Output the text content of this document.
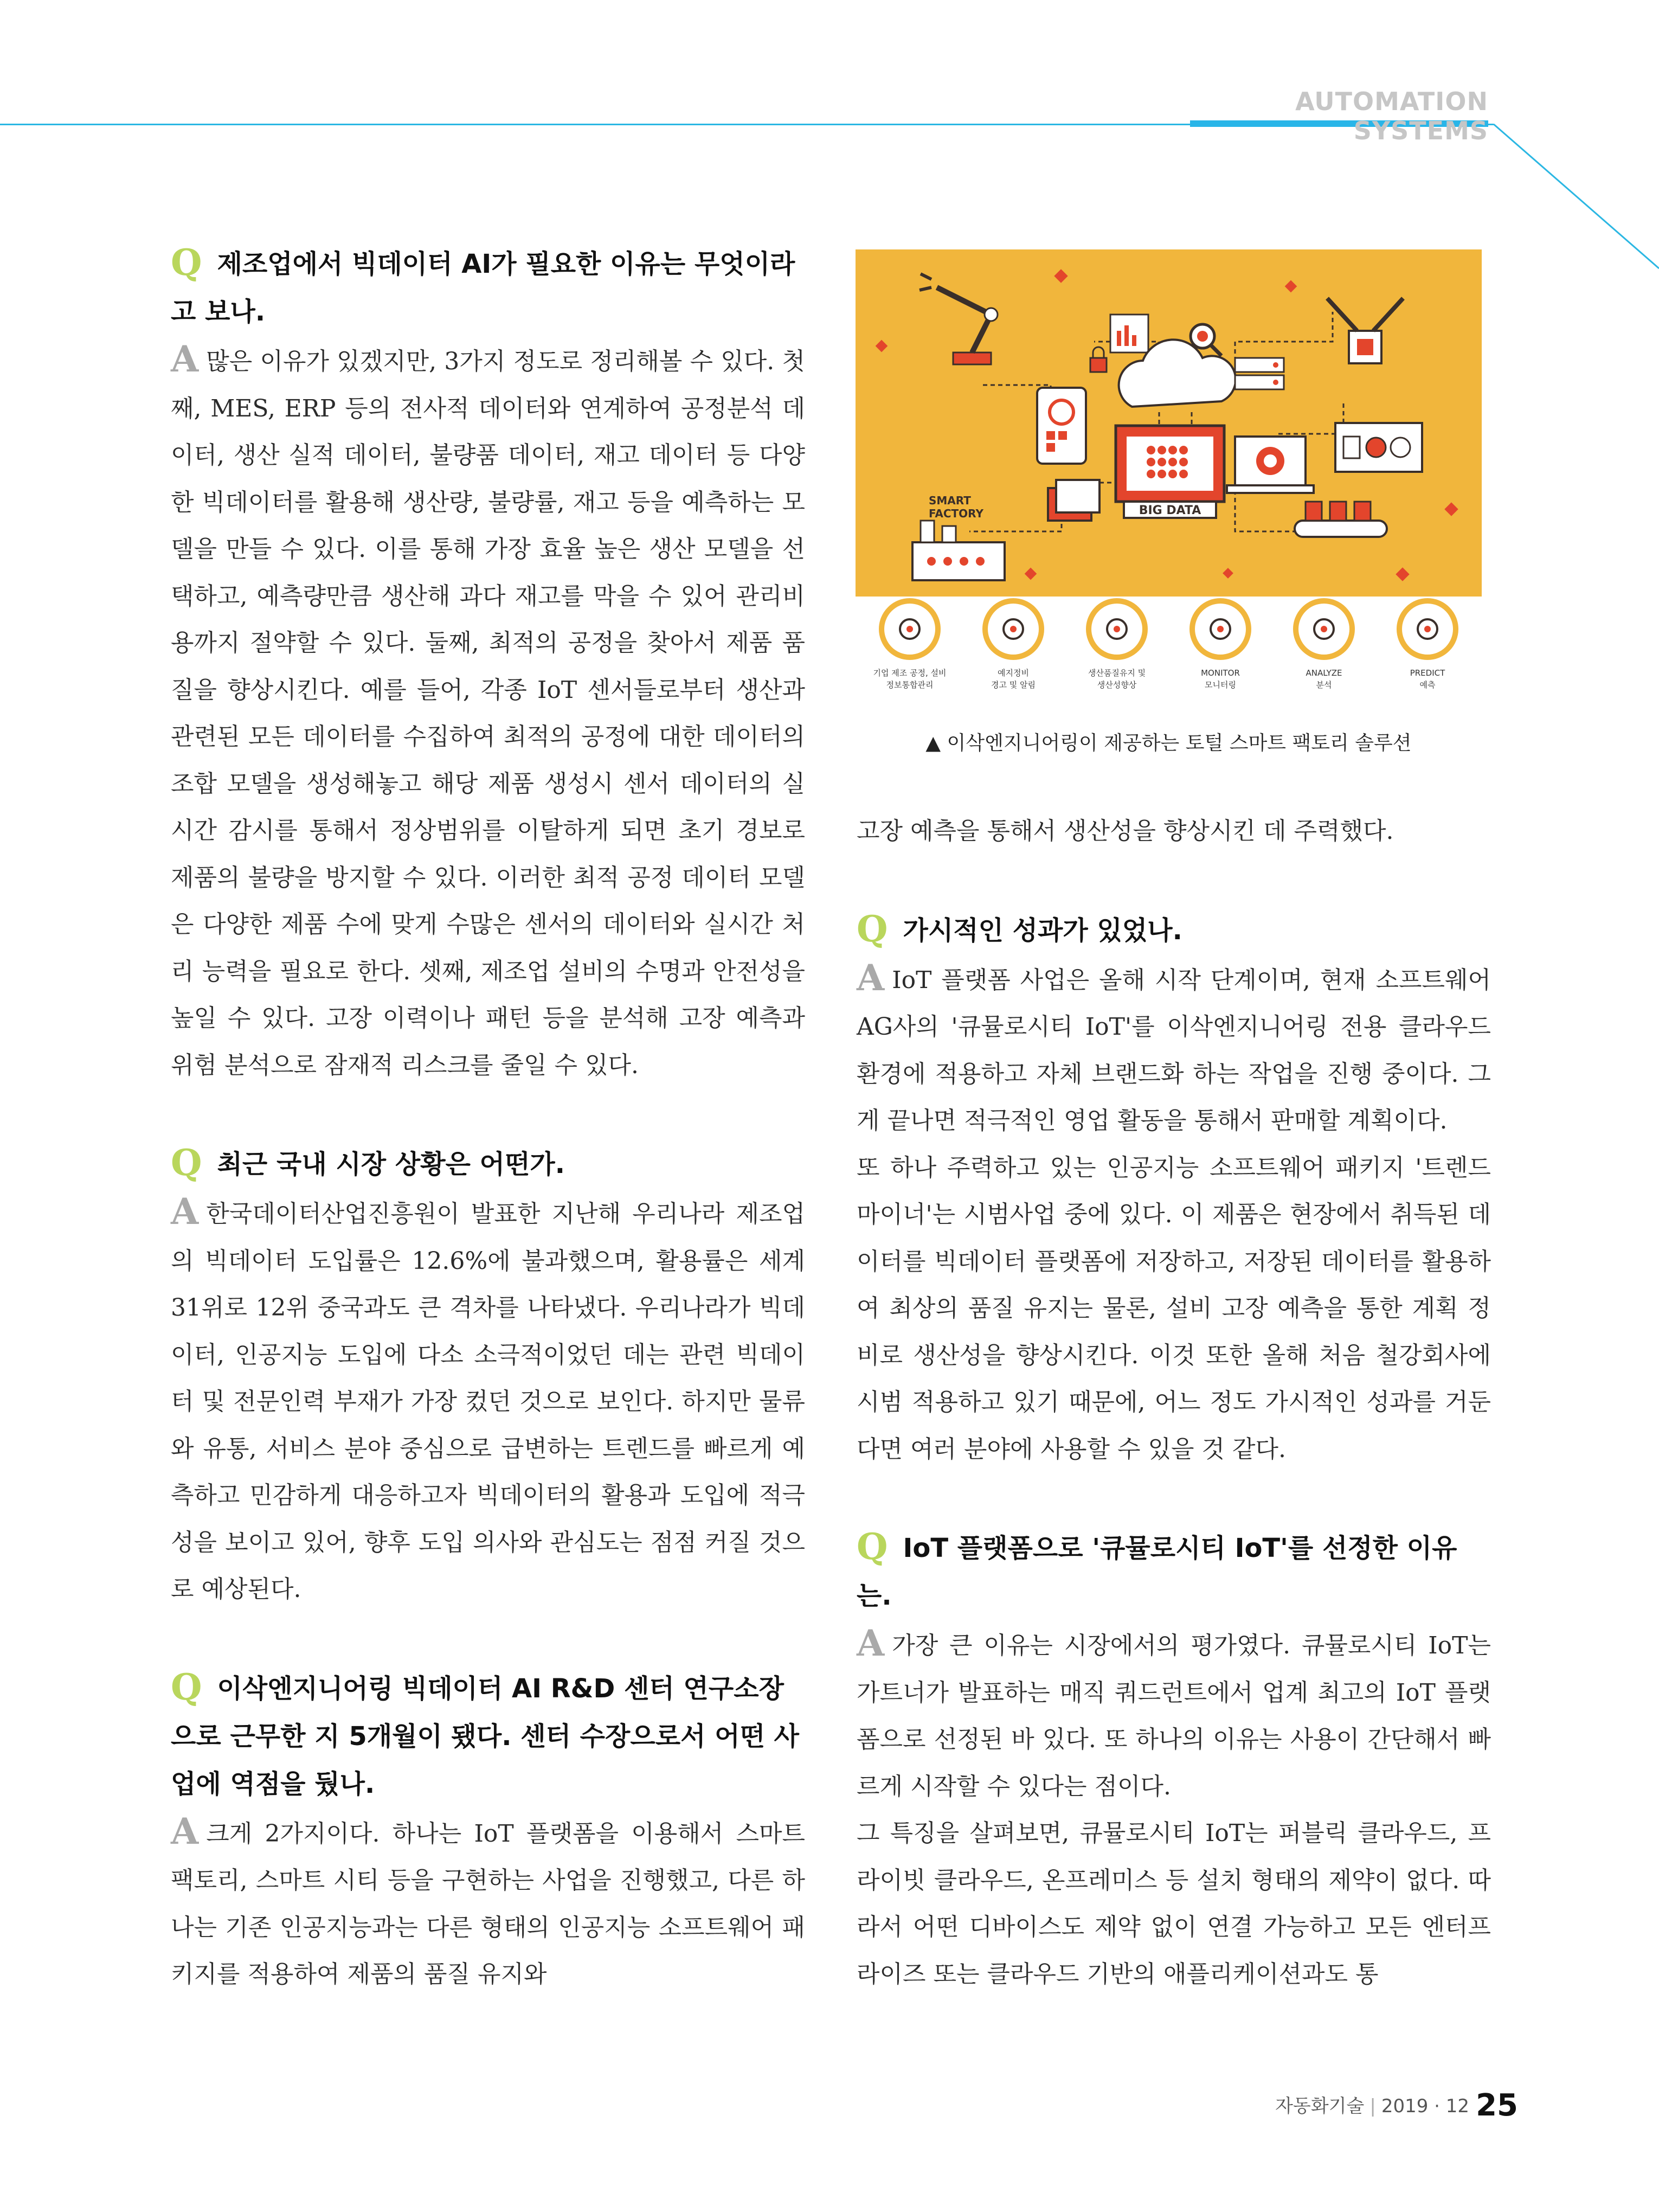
AUTOMATION SYSTEMS

Q 제조업에서 빅데이터 AI가 필요한 이유는 무엇이라고 보나.

A많은 이유가 있겠지만, 3가지 정도로 정리해볼 수 있다. 첫째, MES, ERP 등의 전사적 데이터와 연계하여 공정분석 데이터, 생산 실적 데이터, 불량품 데이터, 재고 데이터 등 다양한 빅데이터를 활용해 생산량, 불량률, 재고 등을 예측하는 모델을 만들 수 있다. 이를 통해 가장 효율 높은 생산 모델을 선택하고, 예측량만큼 생산해 과다 재고를 막을 수 있어 관리비용까지 절약할 수 있다. 둘째, 최적의 공정을 찾아서 제품 품질을 향상시킨다. 예를 들어, 각종 IoT 센서들로부터 생산과 관련된 모든 데이터를 수집하여 최적의 공정에 대한 데이터의 조합 모델을 생성해놓고 해당 제품 생성시 센서 데이터의 실시간 감시를 통해서 정상범위를 이탈하게 되면 초기 경보로 제품의 불량을 방지할 수 있다. 이러한 최적 공정 데이터 모델은 다양한 제품 수에 맞게 수많은 센서의 데이터와 실시간 처리 능력을 필요로 한다. 셋째, 제조업 설비의 수명과 안전성을 높일 수 있다. 고장 이력이나 패턴 등을 분석해 고장 예측과 위험 분석으로 잠재적 리스크를 줄일 수 있다.

Q 최근 국내 시장 상황은 어떤가.

A한국데이터산업진흥원이 발표한 지난해 우리나라 제조업의 빅데이터 도입률은 12.6%에 불과했으며, 활용률은 세계 31위로 12위 중국과도 큰 격차를 나타냈다. 우리나라가 빅데이터, 인공지능 도입에 다소 소극적이었던 데는 관련 빅데이터 및 전문인력 부재가 가장 컸던 것으로 보인다. 하지만 물류와 유통, 서비스 분야 중심으로 급변하는 트렌드를 빠르게 예측하고 민감하게 대응하고자 빅데이터의 활용과 도입에 적극성을 보이고 있어, 향후 도입 의사와 관심도는 점점 커질 것으로 예상된다.

Q 이삭엔지니어링 빅데이터 AI R&D 센터 연구소장으로 근무한 지 5개월이 됐다. 센터 수장으로서 어떤 사업에 역점을 뒀나.

A크게 2가지이다. 하나는 IoT 플랫폼을 이용해서 스마트 팩토리, 스마트 시티 등을 구현하는 사업을 진행했고, 다른 하나는 기존 인공지능과는 다른 형태의 인공지능 소프트웨어 패키지를 적용하여 제품의 품질 유지와

BIG DATA
SMART
FACTORY
기업 제조 공정, 설비
정보통합관리
예지정비
경고 및 알림
생산품질유지 및
생산성향상
MONITOR
모니터링
ANALYZE
분석
PREDICT
예측
▲ 이삭엔지니어링이 제공하는 토털 스마트 팩토리 솔루션

고장 예측을 통해서 생산성을 향상시킨 데 주력했다.

Q 가시적인 성과가 있었나.

A IoT 플랫폼 사업은 올해 시작 단계이며, 현재 소프트웨어 AG사의 '큐뮬로시티 IoT'를 이삭엔지니어링 전용 클라우드 환경에 적용하고 자체 브랜드화 하는 작업을 진행 중이다. 그게 끝나면 적극적인 영업 활동을 통해서 판매할 계획이다.

또 하나 주력하고 있는 인공지능 소프트웨어 패키지 '트렌드마이너'는 시범사업 중에 있다. 이 제품은 현장에서 취득된 데이터를 빅데이터 플랫폼에 저장하고, 저장된 데이터를 활용하여 최상의 품질 유지는 물론, 설비 고장 예측을 통한 계획 정비로 생산성을 향상시킨다. 이것 또한 올해 처음 철강회사에 시범 적용하고 있기 때문에, 어느 정도 가시적인 성과를 거둔다면 여러 분야에 사용할 수 있을 것 같다.

Q IoT 플랫폼으로 '큐뮬로시티 IoT'를 선정한 이유는.

A가장 큰 이유는 시장에서의 평가였다. 큐뮬로시티 IoT는 가트너가 발표하는 매직 쿼드런트에서 업계 최고의 IoT 플랫폼으로 선정된 바 있다. 또 하나의 이유는 사용이 간단해서 빠르게 시작할 수 있다는 점이다.

그 특징을 살펴보면, 큐뮬로시티 IoT는 퍼블릭 클라우드, 프라이빗 클라우드, 온프레미스 등 설치 형태의 제약이 없다. 따라서 어떤 디바이스도 제약 없이 연결 가능하고 모든 엔터프라이즈 또는 클라우드 기반의 애플리케이션과도 통

자동화기술 | 2019 · 12 25
